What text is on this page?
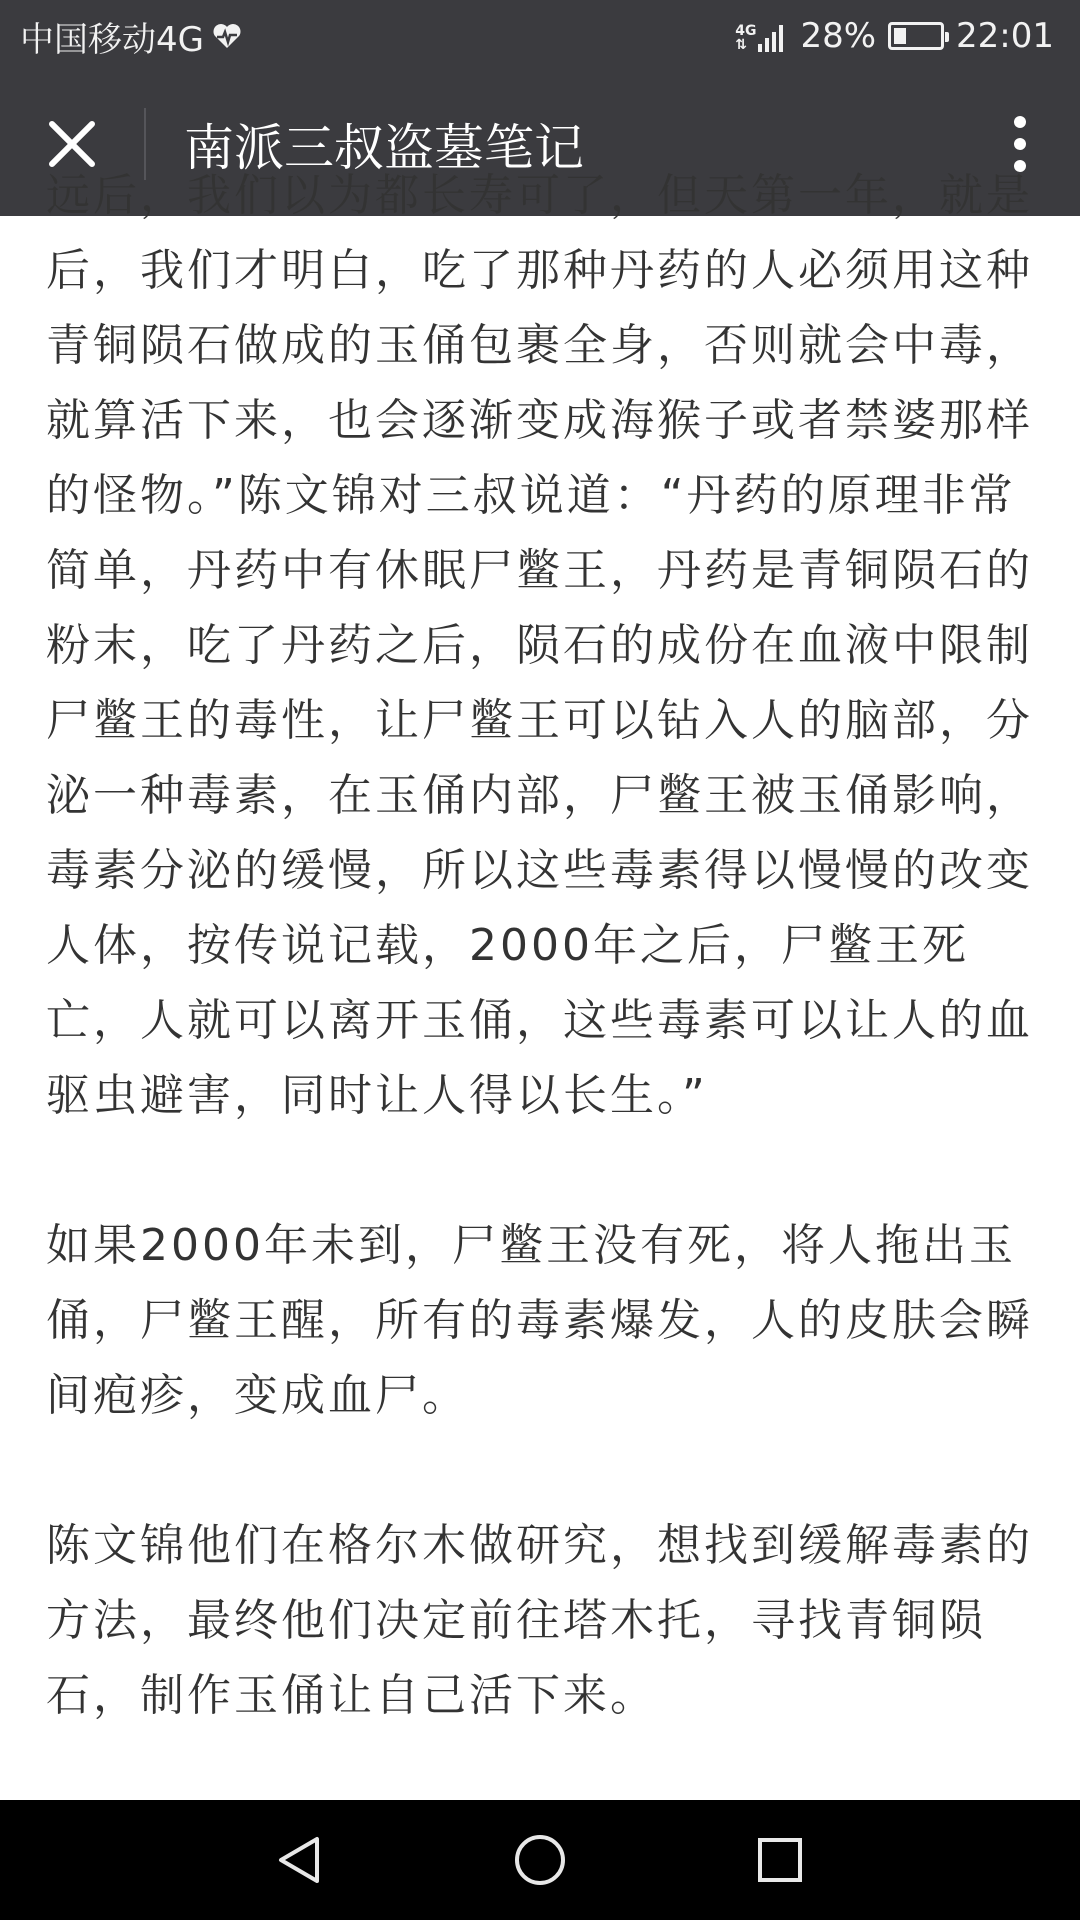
中国移动4G	4G
⇅ 28% 22:01
南派三叔盗墓笔记

远后，我们以为都长寿可了，但天第一年，就是后，我们才明白，吃了那种丹药的人必须用这种青铜陨石做成的玉俑包裹全身，否则就会中毒，就算活下来，也会逐渐变成海猴子或者禁婆那样的怪物。”陈文锦对三叔说道：“丹药的原理非常简单，丹药中有休眠尸鳖王，丹药是青铜陨石的粉末，吃了丹药之后，陨石的成份在血液中限制尸鳖王的毒性，让尸鳖王可以钻入人的脑部，分泌一种毒素，在玉俑内部，尸鳖王被玉俑影响，毒素分泌的缓慢，所以这些毒素得以慢慢的改变人体，按传说记载，2000年之后，尸鳖王死亡，人就可以离开玉俑，这些毒素可以让人的血驱虫避害，同时让人得以长生。”

如果2000年未到，尸鳖王没有死，将人拖出玉俑，尸鳖王醒，所有的毒素爆发，人的皮肤会瞬间疱疹，变成血尸。

陈文锦他们在格尔木做研究，想找到缓解毒素的方法，最终他们决定前往塔木托，寻找青铜陨石，制作玉俑让自己活下来。
